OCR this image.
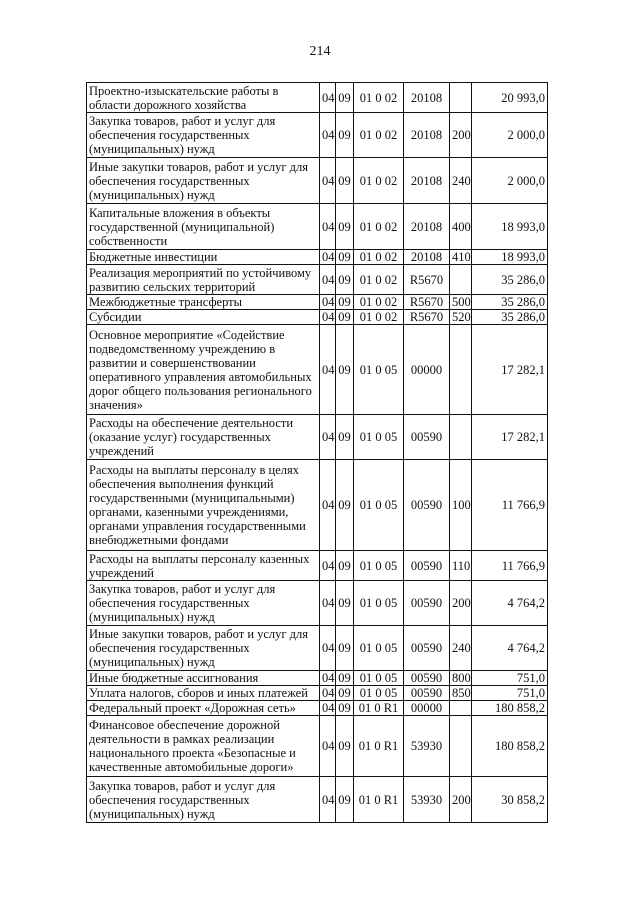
214
Проектно-изыскательские работы в области дорожного хозяйства	04	09	01 0 02	20108		20 993,0
Закупка товаров, работ и услуг для обеспечения государственных (муниципальных) нужд	04	09	01 0 02	20108	200	2 000,0
Иные закупки товаров, работ и услуг для обеспечения государственных (муниципальных) нужд	04	09	01 0 02	20108	240	2 000,0
Капитальные вложения в объекты государственной (муниципальной) собственности	04	09	01 0 02	20108	400	18 993,0
Бюджетные инвестиции	04	09	01 0 02	20108	410	18 993,0
Реализация мероприятий по устойчивому развитию сельских территорий	04	09	01 0 02	R5670		35 286,0
Межбюджетные трансферты	04	09	01 0 02	R5670	500	35 286,0
Субсидии	04	09	01 0 02	R5670	520	35 286,0
Основное мероприятие «Содействие подведомственному учреждению в развитии и совершенствовании оперативного управления автомобильных дорог общего пользования регионального значения»	04	09	01 0 05	00000		17 282,1
Расходы на обеспечение деятельности (оказание услуг) государственных учреждений	04	09	01 0 05	00590		17 282,1
Расходы на выплаты персоналу в целях обеспечения выполнения функций государственными (муниципальными) органами, казенными учреждениями, органами управления государственными внебюджетными фондами	04	09	01 0 05	00590	100	11 766,9
Расходы на выплаты персоналу казенных учреждений	04	09	01 0 05	00590	110	11 766,9
Закупка товаров, работ и услуг для обеспечения государственных (муниципальных) нужд	04	09	01 0 05	00590	200	4 764,2
Иные закупки товаров, работ и услуг для обеспечения государственных (муниципальных) нужд	04	09	01 0 05	00590	240	4 764,2
Иные бюджетные ассигнования	04	09	01 0 05	00590	800	751,0
Уплата налогов, сборов и иных платежей	04	09	01 0 05	00590	850	751,0
Федеральный проект «Дорожная сеть»	04	09	01 0 R1	00000		180 858,2
Финансовое обеспечение дорожной деятельности в рамках реализации национального проекта «Безопасные и качественные автомобильные дороги»	04	09	01 0 R1	53930		180 858,2
Закупка товаров, работ и услуг для обеспечения государственных (муниципальных) нужд	04	09	01 0 R1	53930	200	30 858,2
